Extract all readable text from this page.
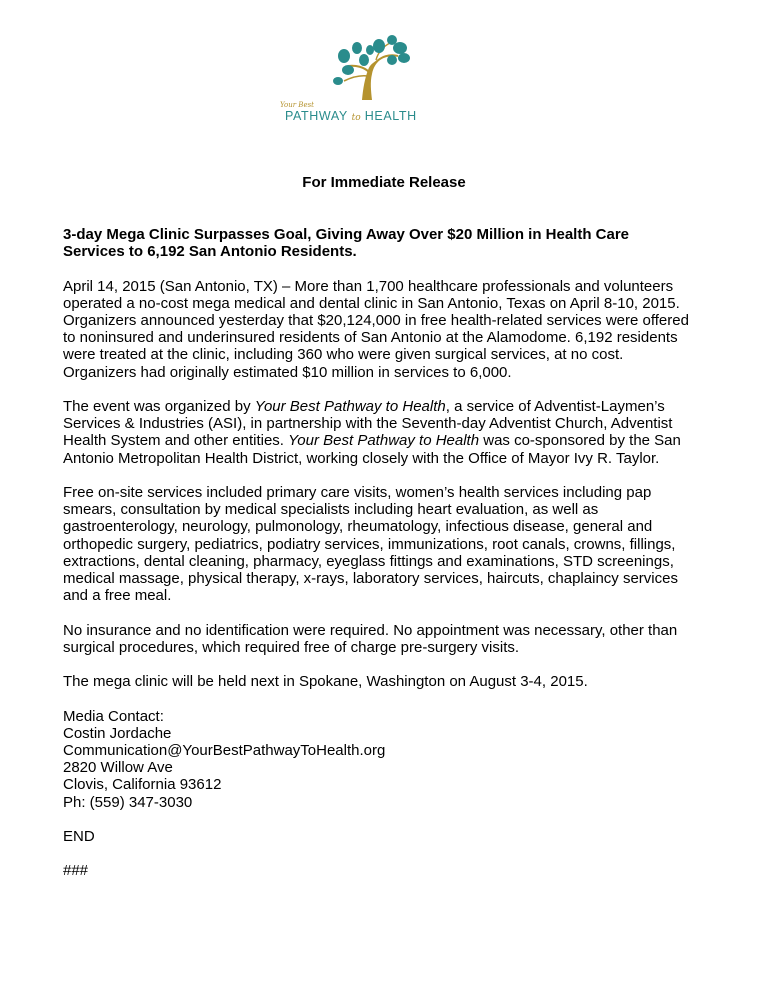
Your Best
PATHWAY to HEALTH
For Immediate Release

3-day Mega Clinic Surpasses Goal, Giving Away Over $20 Million in Health Care
Services to 6,192 San Antonio Residents.

April 14, 2015 (San Antonio, TX) – More than 1,700 healthcare professionals and volunteers
operated a no-cost mega medical and dental clinic in San Antonio, Texas on April 8-10, 2015.
Organizers announced yesterday that $20,124,000 in free health-related services were offered
to noninsured and underinsured residents of San Antonio at the Alamodome. 6,192 residents
were treated at the clinic, including 360 who were given surgical services, at no cost.
Organizers had originally estimated $10 million in services to 6,000.

The event was organized by Your Best Pathway to Health, a service of Adventist-Laymen’s
Services & Industries (ASI), in partnership with the Seventh-day Adventist Church, Adventist
Health System and other entities. Your Best Pathway to Health was co-sponsored by the San
Antonio Metropolitan Health District, working closely with the Office of Mayor Ivy R. Taylor.

Free on-site services included primary care visits, women’s health services including pap
smears, consultation by medical specialists including heart evaluation, as well as
gastroenterology, neurology, pulmonology, rheumatology, infectious disease, general and
orthopedic surgery, pediatrics, podiatry services, immunizations, root canals, crowns, fillings,
extractions, dental cleaning, pharmacy, eyeglass fittings and examinations, STD screenings,
medical massage, physical therapy, x-rays, laboratory services, haircuts, chaplaincy services
and a free meal.

No insurance and no identification were required. No appointment was necessary, other than
surgical procedures, which required free of charge pre-surgery visits.

The mega clinic will be held next in Spokane, Washington on August 3-4, 2015.

Media Contact:
Costin Jordache
Communication@YourBestPathwayToHealth.org
2820 Willow Ave
Clovis, California 93612
Ph: (559) 347-3030

END

###
